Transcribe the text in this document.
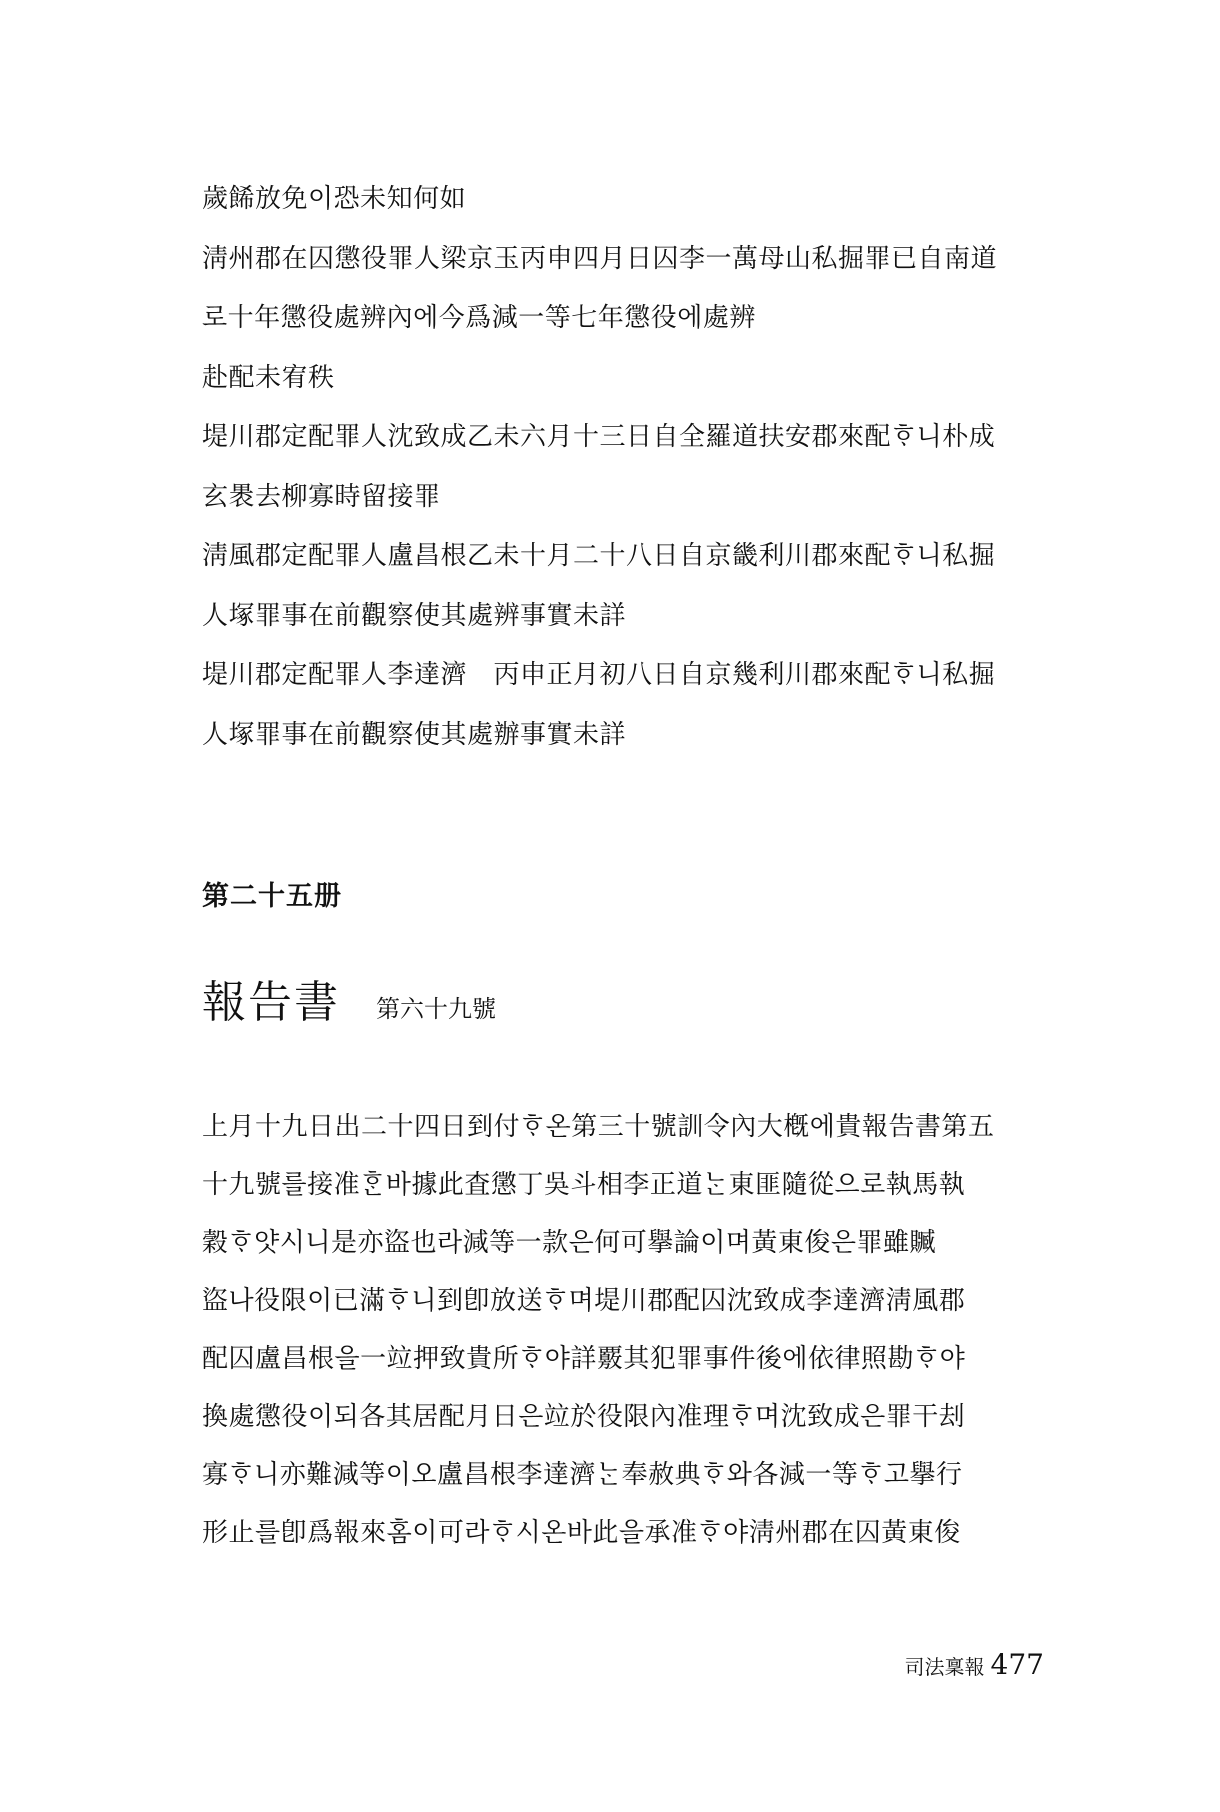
歲餙放免이恐未知何如
淸州郡在囚懲役罪人梁京玉丙申四月日囚李一萬母山私掘罪已自南道
로十年懲役處辨內에今爲減一等七年懲役에處辨
赴配未宥秩
堤川郡定配罪人沈致成乙未六月十三日自全羅道扶安郡來配ᄒᆞ니朴成
玄褁去柳寡時留接罪
淸風郡定配罪人盧昌根乙未十月二十八日自京畿利川郡來配ᄒᆞ니私掘
人塚罪事在前觀察使其處辨事實未詳
堤川郡定配罪人李達濟　丙申正月初八日自京幾利川郡來配ᄒᆞ니私掘
人塚罪事在前觀察使其處辦事實未詳
第二十五册
報告書 第六十九號
上月十九日出二十四日到付ᄒᆞ온第三十號訓令內大槪에貴報告書第五
十九號를接准ᄒᆞᆫ바據此査懲丁吳斗相李正道ᄂᆞᆫ東匪隨從으로執馬執
穀ᄒᆞ얏시니是亦盜也라減等一款은何可擧論이며黃東俊은罪雖贓
盜나役限이已滿ᄒᆞ니到卽放送ᄒᆞ며堤川郡配囚沈致成李達濟淸風郡
配囚盧昌根을一竝押致貴所ᄒᆞ야詳覈其犯罪事件後에依律照勘ᄒᆞ야
換處懲役이되各其居配月日은竝於役限內准理ᄒᆞ며沈致成은罪干刦
寡ᄒᆞ니亦難減等이오盧昌根李達濟ᄂᆞᆫ奉赦典ᄒᆞ와各減一等ᄒᆞ고擧行
形止를卽爲報來홈이可라ᄒᆞ시온바此을承准ᄒᆞ야淸州郡在囚黃東俊
司法稟報 477
